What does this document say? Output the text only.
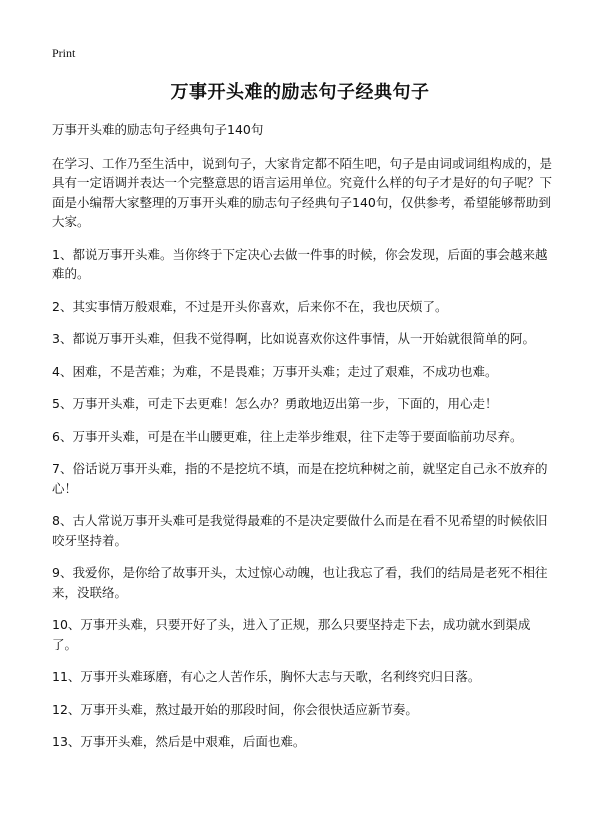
Print
万事开头难的励志句子经典句子

万事开头难的励志句子经典句子140句

在学习、工作乃至生活中，说到句子，大家肯定都不陌生吧，句子是由词或词组构成的，是具有一定语调并表达一个完整意思的语言运用单位。究竟什么样的句子才是好的句子呢？下面是小编帮大家整理的万事开头难的励志句子经典句子140句，仅供参考，希望能够帮助到大家。

1、都说万事开头难。当你终于下定决心去做一件事的时候，你会发现，后面的事会越来越难的。

2、其实事情万般艰难，不过是开头你喜欢，后来你不在，我也厌烦了。

3、都说万事开头难，但我不觉得啊，比如说喜欢你这件事情，从一开始就很简单的阿。

4、困难，不是苦难；为难，不是畏难；万事开头难；走过了艰难，不成功也难。

5、万事开头难，可走下去更难！怎么办？勇敢地迈出第一步，下面的，用心走！

6、万事开头难，可是在半山腰更难，往上走举步维艰，往下走等于要面临前功尽弃。

7、俗话说万事开头难，指的不是挖坑不填，而是在挖坑种树之前，就坚定自己永不放弃的心！

8、古人常说万事开头难可是我觉得最难的不是决定要做什么而是在看不见希望的时候依旧咬牙坚持着。

9、我爱你，是你给了故事开头，太过惊心动魄，也让我忘了看，我们的结局是老死不相往来，没联络。

10、万事开头难，只要开好了头，进入了正规，那么只要坚持走下去，成功就水到渠成了。

11、万事开头难琢磨，有心之人苦作乐，胸怀大志与天歌，名利终究归日落。

12、万事开头难，熬过最开始的那段时间，你会很快适应新节奏。

13、万事开头难，然后是中艰难，后面也难。
